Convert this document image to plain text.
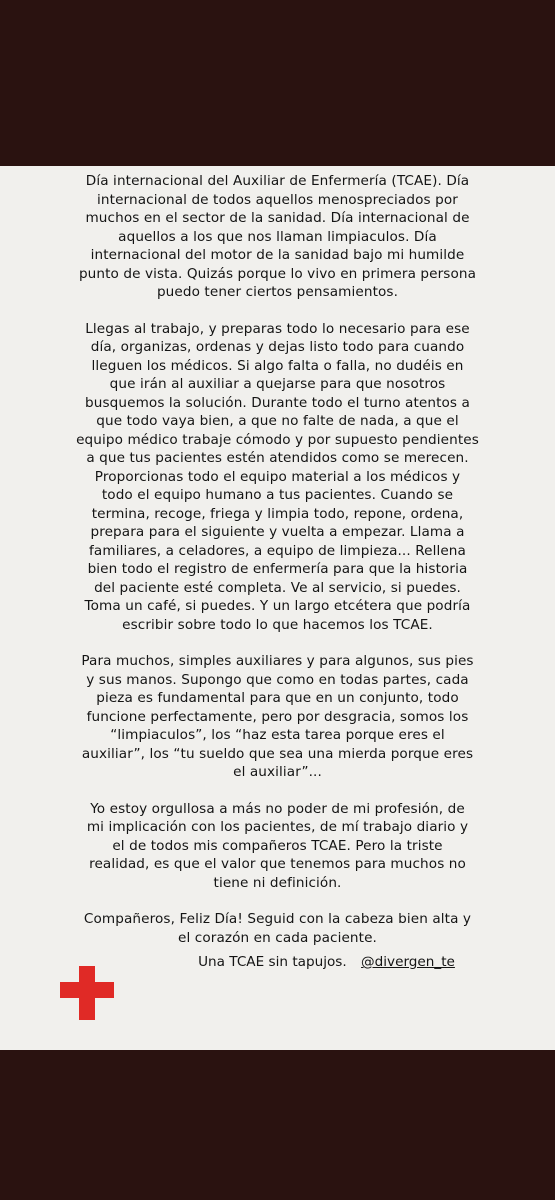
Día internacional del Auxiliar de Enfermería (TCAE). Día
internacional de todos aquellos menospreciados por
muchos en el sector de la sanidad. Día internacional de
aquellos a los que nos llaman limpiaculos. Día
internacional del motor de la sanidad bajo mi humilde
punto de vista. Quizás porque lo vivo en primera persona
puedo tener ciertos pensamientos.

Llegas al trabajo, y preparas todo lo necesario para ese
día, organizas, ordenas y dejas listo todo para cuando
lleguen los médicos. Si algo falta o falla, no dudéis en
que irán al auxiliar a quejarse para que nosotros
busquemos la solución. Durante todo el turno atentos a
que todo vaya bien, a que no falte de nada, a que el
equipo médico trabaje cómodo y por supuesto pendientes
a que tus pacientes estén atendidos como se merecen.
Proporcionas todo el equipo material a los médicos y
todo el equipo humano a tus pacientes. Cuando se
termina, recoge, friega y limpia todo, repone, ordena,
prepara para el siguiente y vuelta a empezar. Llama a
familiares, a celadores, a equipo de limpieza... Rellena
bien todo el registro de enfermería para que la historia
del paciente esté completa. Ve al servicio, si puedes.
Toma un café, si puedes. Y un largo etcétera que podría
escribir sobre todo lo que hacemos los TCAE.

Para muchos, simples auxiliares y para algunos, sus pies
y sus manos. Supongo que como en todas partes, cada
pieza es fundamental para que en un conjunto, todo
funcione perfectamente, pero por desgracia, somos los
“limpiaculos”, los “haz esta tarea porque eres el
auxiliar”, los “tu sueldo que sea una mierda porque eres
el auxiliar”...

Yo estoy orgullosa a más no poder de mi profesión, de
mi implicación con los pacientes, de mí trabajo diario y
el de todos mis compañeros TCAE. Pero la triste
realidad, es que el valor que tenemos para muchos no
tiene ni definición.

Compañeros, Feliz Día! Seguid con la cabeza bien alta y
el corazón en cada paciente.

Una TCAE sin tapujos. @divergen_te
